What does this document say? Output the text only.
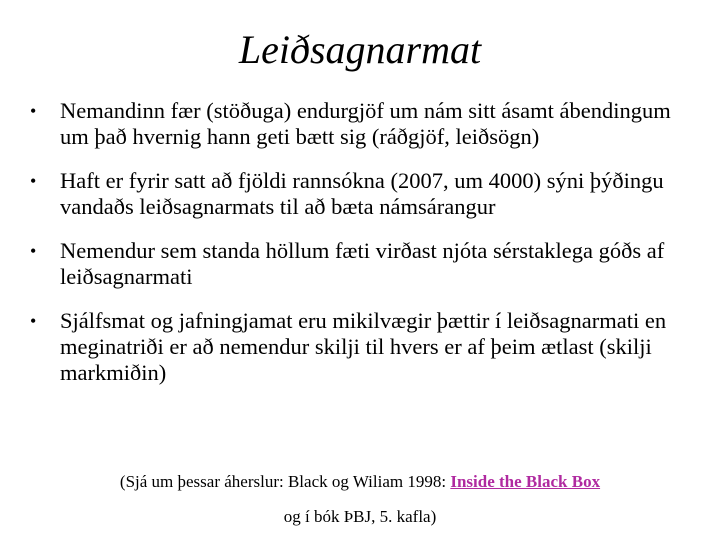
Leiðsagnarmat
• Nemandinn fær (stöðuga) endurgjöf um nám sitt ásamt ábendingum um það hvernig hann geti bætt sig (ráðgjöf, leiðsögn)
• Haft er fyrir satt að fjöldi rannsókna (2007, um 4000) sýni þýðingu vandaðs leiðsagnarmats til að bæta námsárangur
• Nemendur sem standa höllum fæti virðast njóta sérstaklega góðs af leiðsagnarmati
• Sjálfsmat og jafningjamat eru mikilvægir þættir í leiðsagnarmati en meginatriði er að nemendur skilji til hvers er af þeim ætlast (skilji markmiðin)
(Sjá um þessar áherslur: Black og Wiliam 1998: Inside the Black Box
og í bók ÞBJ, 5. kafla)
